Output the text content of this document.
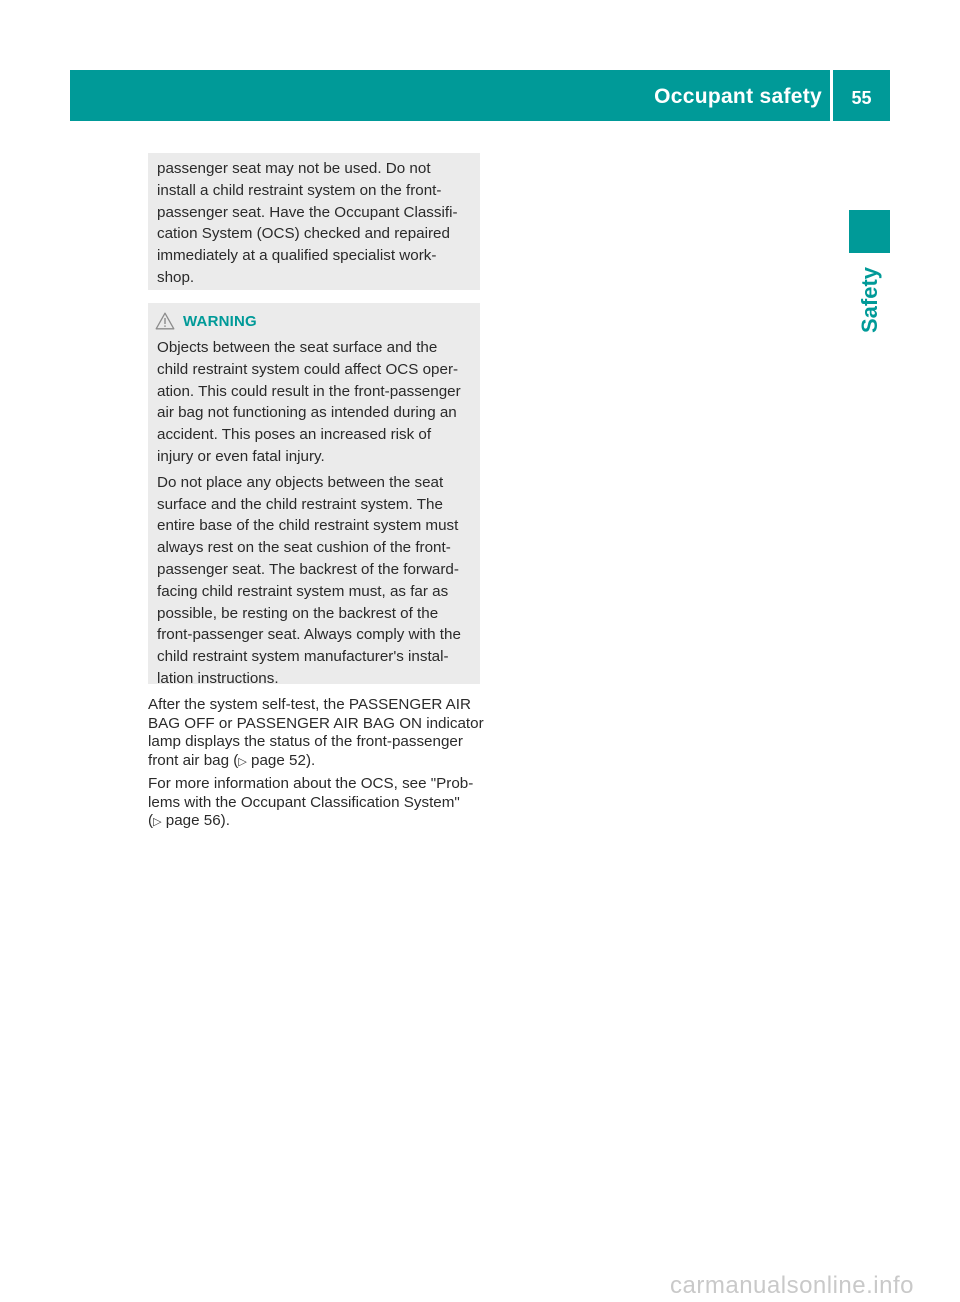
Occupant safety	55
Safety

passenger seat may not be used. Do not
install a child restraint system on the front-
passenger seat. Have the Occupant Classifi-
cation System (OCS) checked and repaired
immediately at a qualified specialist work-
shop.

WARNING

Objects between the seat surface and the
child restraint system could affect OCS oper-
ation. This could result in the front-passenger
air bag not functioning as intended during an
accident. This poses an increased risk of
injury or even fatal injury.

Do not place any objects between the seat
surface and the child restraint system. The
entire base of the child restraint system must
always rest on the seat cushion of the front-
passenger seat. The backrest of the forward-
facing child restraint system must, as far as
possible, be resting on the backrest of the
front-passenger seat. Always comply with the
child restraint system manufacturer's instal-
lation instructions.

After the system self-test, the PASSENGER AIR
BAG OFF or PASSENGER AIR BAG ON indicator
lamp displays the status of the front-passenger
front air bag (▷ page 52).

For more information about the OCS, see "Prob-
lems with the Occupant Classification System"
(▷ page 56).

carmanualsonline.info
